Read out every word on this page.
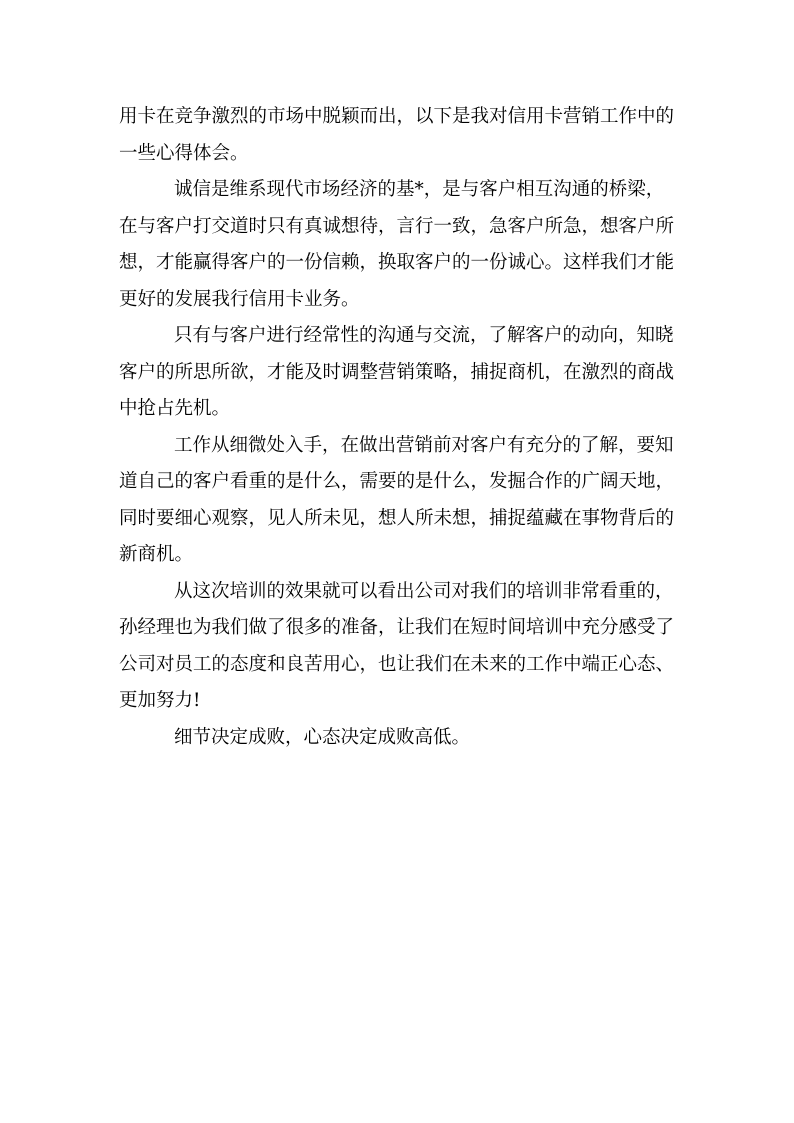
用卡在竞争激烈的市场中脱颖而出，以下是我对信用卡营销工作中的
一些心得体会。
诚信是维系现代市场经济的基*，是与客户相互沟通的桥梁，
在与客户打交道时只有真诚想待，言行一致，急客户所急，想客户所
想，才能赢得客户的一份信赖，换取客户的一份诚心。这样我们才能
更好的发展我行信用卡业务。
只有与客户进行经常性的沟通与交流，了解客户的动向，知晓
客户的所思所欲，才能及时调整营销策略，捕捉商机，在激烈的商战
中抢占先机。
工作从细微处入手，在做出营销前对客户有充分的了解，要知
道自己的客户看重的是什么，需要的是什么，发掘合作的广阔天地，
同时要细心观察，见人所未见，想人所未想，捕捉蕴藏在事物背后的
新商机。
从这次培训的效果就可以看出公司对我们的培训非常看重的，
孙经理也为我们做了很多的准备，让我们在短时间培训中充分感受了
公司对员工的态度和良苦用心，也让我们在未来的工作中端正心态、
更加努力!
细节决定成败，心态决定成败高低。
